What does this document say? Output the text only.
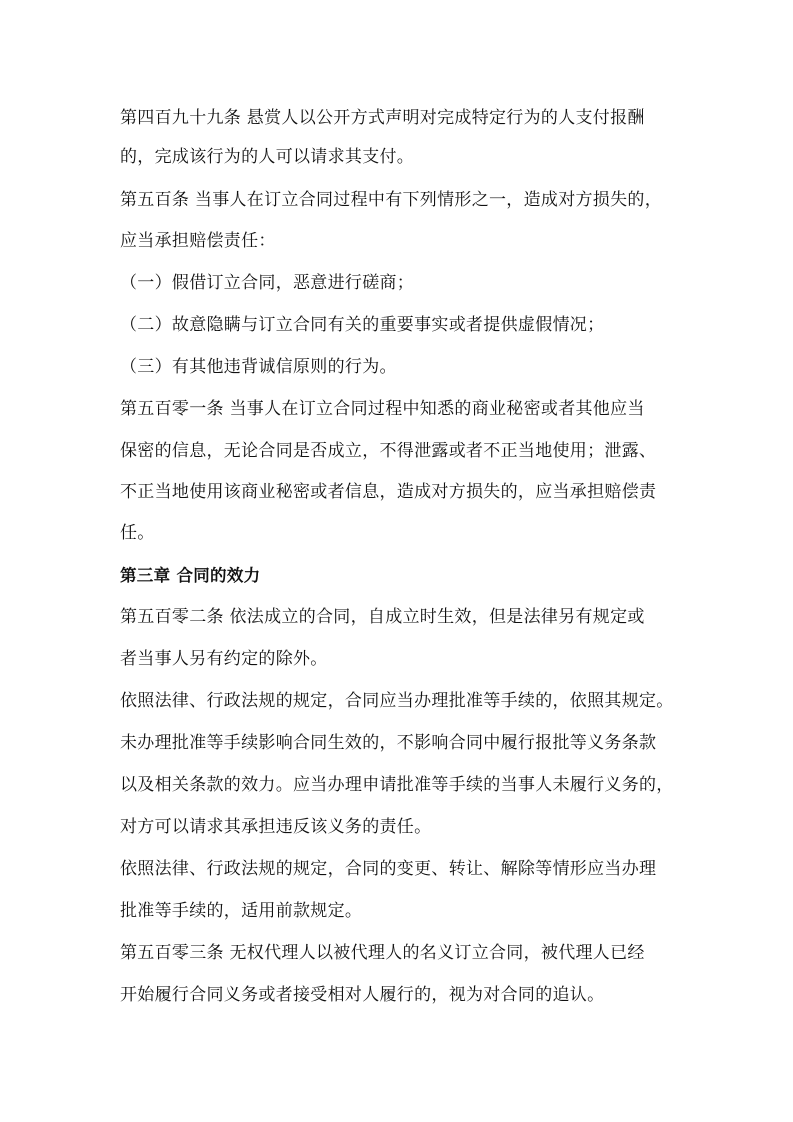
第四百九十九条 悬赏人以公开方式声明对完成特定行为的人支付报酬
的，完成该行为的人可以请求其支付。
第五百条 当事人在订立合同过程中有下列情形之一，造成对方损失的，
应当承担赔偿责任：
（一）假借订立合同，恶意进行磋商；
（二）故意隐瞒与订立合同有关的重要事实或者提供虚假情况；
（三）有其他违背诚信原则的行为。
第五百零一条 当事人在订立合同过程中知悉的商业秘密或者其他应当
保密的信息，无论合同是否成立，不得泄露或者不正当地使用；泄露、
不正当地使用该商业秘密或者信息，造成对方损失的，应当承担赔偿责
任。
第三章 合同的效力
第五百零二条 依法成立的合同，自成立时生效，但是法律另有规定或
者当事人另有约定的除外。
依照法律、行政法规的规定，合同应当办理批准等手续的，依照其规定。
未办理批准等手续影响合同生效的，不影响合同中履行报批等义务条款
以及相关条款的效力。应当办理申请批准等手续的当事人未履行义务的，
对方可以请求其承担违反该义务的责任。
依照法律、行政法规的规定，合同的变更、转让、解除等情形应当办理
批准等手续的，适用前款规定。
第五百零三条 无权代理人以被代理人的名义订立合同，被代理人已经
开始履行合同义务或者接受相对人履行的，视为对合同的追认。
